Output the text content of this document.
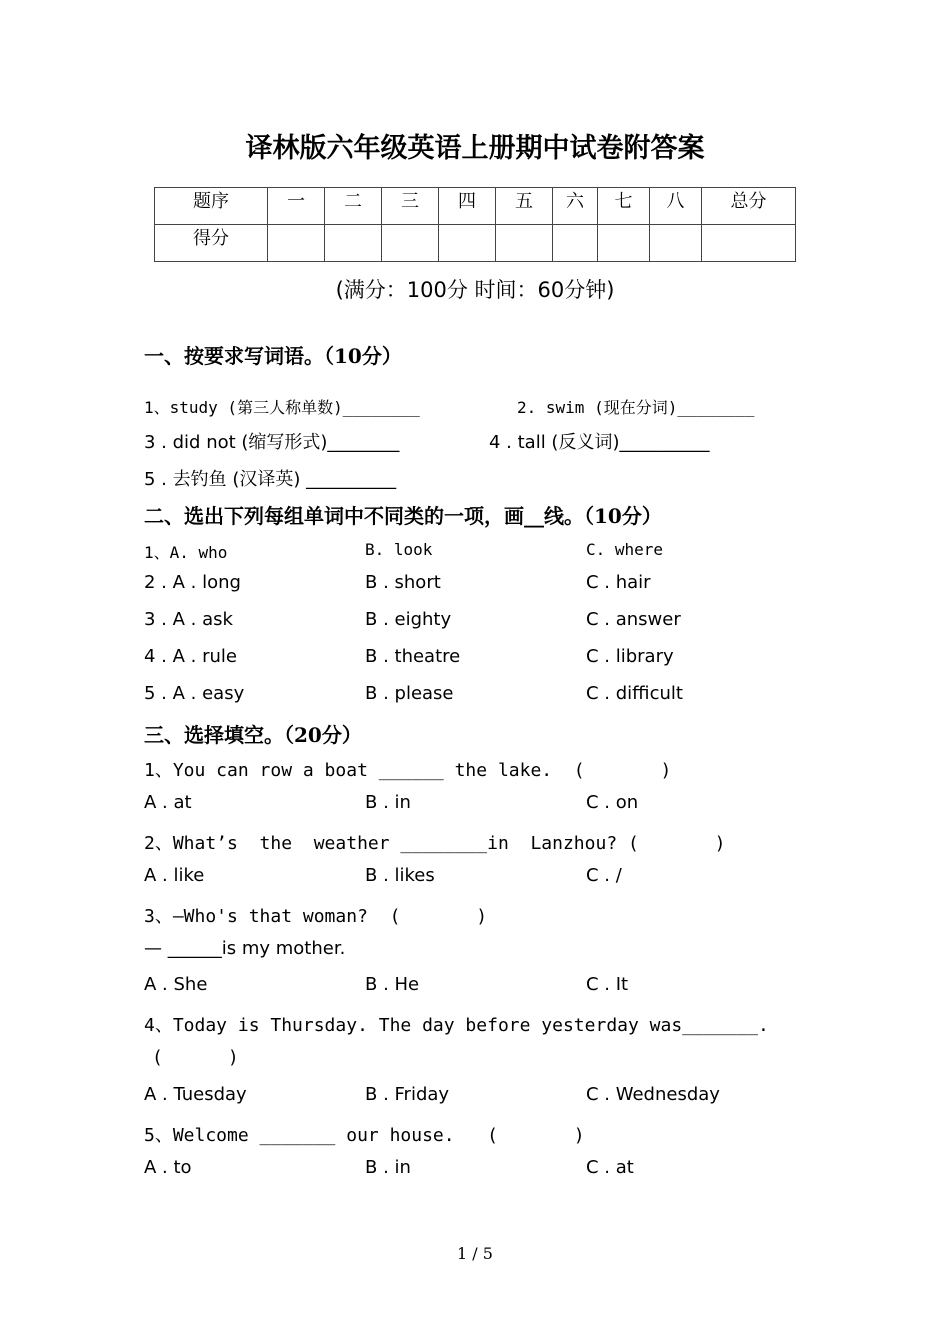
译林版六年级英语上册期中试卷附答案
题序	一	二	三	四	五	六	七	八	总分
得分									
(满分：100分 时间：60分钟)
一、按要求写词语。（10分）
1、study (第三人称单数)________	2. swim (现在分词)________
3 . did not (缩写形式)________	4 . tall (反义词)__________
5 . 去钓鱼 (汉译英) __________
二、选出下列每组单词中不同类的一项，画__线。（10分）
1、A. who	B. look	C. where
2 . A . long	B . short	C . hair
3 . A . ask	B . eighty	C . answer
4 . A . rule	B . theatre	C . library
5 . A . easy	B . please	C . difficult
三、选择填空。（20分）
1、You can row a boat ______ the lake.  (       )
A . at	B . in	C . on
2、What’s  the  weather ________in  Lanzhou? (       )
A . like	B . likes	C . /
3、—Who's that woman?  (       )
— ______is my mother.
A . She	B . He	C . It
4、Today is Thursday. The day before yesterday was_______.
(      )
A . Tuesday	B . Friday	C . Wednesday
5、Welcome _______ our house.   (       )
A . to	B . in	C . at
1 / 5
